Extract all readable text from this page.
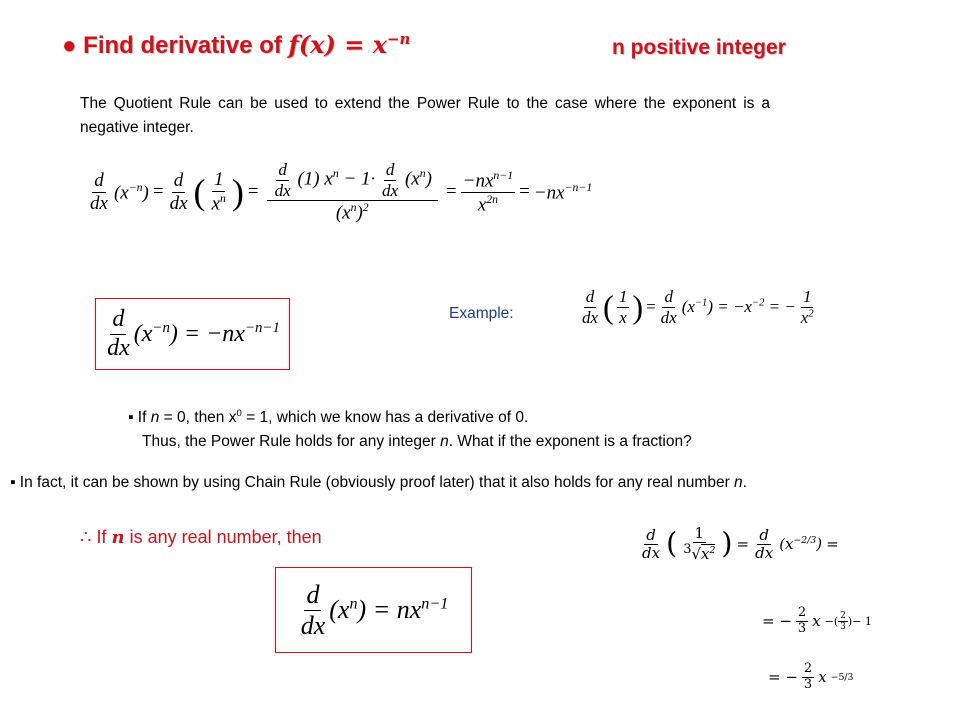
● Find derivative of $f(x) = x^{-n}$	n positive integer
The Quotient Rule can be used to extend the Power Rule to the case where the exponent is a negative integer.
$\frac{d}{dx} (x^{-n}) = \frac{d}{dx}$ ( $\frac{1}{x^n}$ ) = $\frac{\frac{d}{dx} (1) x^n - 1\cdot \frac{d}{dx} (x^n)}{(x^n)^2} = \frac{-nx^{n-1}}{x^{2n}} = -nx^{-n-1}$
$\frac{d}{dx} (x^{-n}) = -nx^{-n-1}$
Example:	$\frac{d}{dx}$ ( $\frac{1}{x}$ ) = $\frac{d}{dx} (x^{-1}) = -x^{-2}$ = − $\frac{1}{x^2}$
▪ If n = 0, then $x^0 = 1$, which we know has a derivative of 0.
Thus, the Power Rule holds for any integer n. What if the exponent is a fraction?
▪ In fact, it can be shown by using Chain Rule (obviously proof later) that it also holds for any real number n.
∴ If n is any real number, then
$\frac{d}{dx} (x^n) = nx^{n-1}$
$\frac{d}{dx}$ ( $\frac{1}{^3√x^2}$ ) = $\frac{d}{dx} (x^{-2/3})$ =
= − $\frac{2}{3}$ x −( $\frac{2}{3}$ ) − 1
= − $\frac{2}{3}$ x −5/3
